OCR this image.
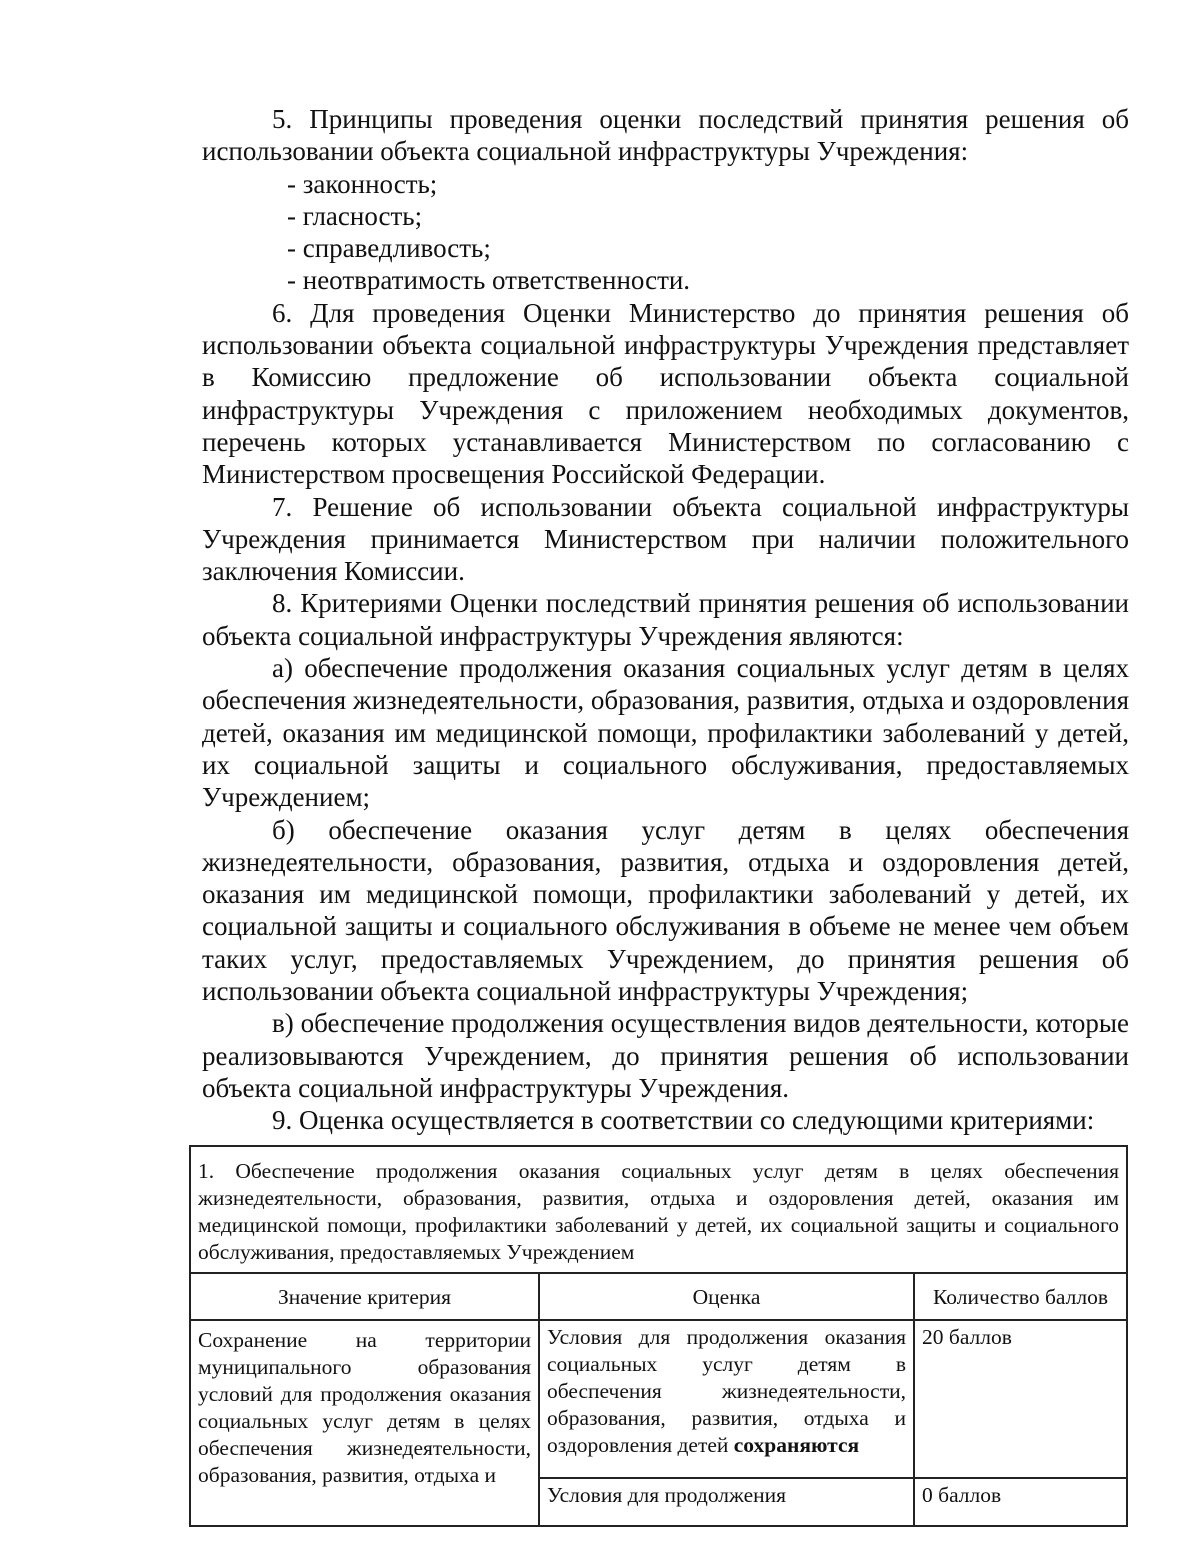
5. Принципы проведения оценки последствий принятия решения об использовании объекта социальной инфраструктуры Учреждения:

- законность;

- гласность;

- справедливость;

- неотвратимость ответственности.

6. Для проведения Оценки Министерство до принятия решения об использовании объекта социальной инфраструктуры Учреждения представляет в Комиссию предложение об использовании объекта социальной инфраструктуры Учреждения с приложением необходимых документов, перечень которых устанавливается Министерством по согласованию с Министерством просвещения Российской Федерации.

7. Решение об использовании объекта социальной инфраструктуры Учреждения принимается Министерством при наличии положительного заключения Комиссии.

8. Критериями Оценки последствий принятия решения об использовании объекта социальной инфраструктуры Учреждения являются:

а) обеспечение продолжения оказания социальных услуг детям в целях обеспечения жизнедеятельности, образования, развития, отдыха и оздоровления детей, оказания им медицинской помощи, профилактики заболеваний у детей, их социальной защиты и социального обслуживания, предоставляемых Учреждением;

б) обеспечение оказания услуг детям в целях обеспечения жизнедеятельности, образования, развития, отдыха и оздоровления детей, оказания им медицинской помощи, профилактики заболеваний у детей, их социальной защиты и социального обслуживания в объеме не менее чем объем таких услуг, предоставляемых Учреждением, до принятия решения об использовании объекта социальной инфраструктуры Учреждения;

в) обеспечение продолжения осуществления видов деятельности, которые реализовываются Учреждением, до принятия решения об использовании объекта социальной инфраструктуры Учреждения.

9. Оценка осуществляется в соответствии со следующими критериями:

1. Обеспечение продолжения оказания социальных услуг детям в целях обеспечения жизнедеятельности, образования, развития, отдыха и оздоровления детей, оказания им медицинской помощи, профилактики заболеваний у детей, их социальной защиты и социального обслуживания, предоставляемых Учреждением		
Значение критерия	Оценка	Количество баллов
Сохранение на территории муниципального образования условий для продолжения оказания социальных услуг детям в целях обеспечения жизнедеятельности, образования, развития, отдыха и	Условия для продолжения оказания социальных услуг детям в обеспечения жизнедеятельности, образования, развития, отдыха и оздоровления детей сохраняются	20 баллов
	Условия для продолжения	0 баллов
